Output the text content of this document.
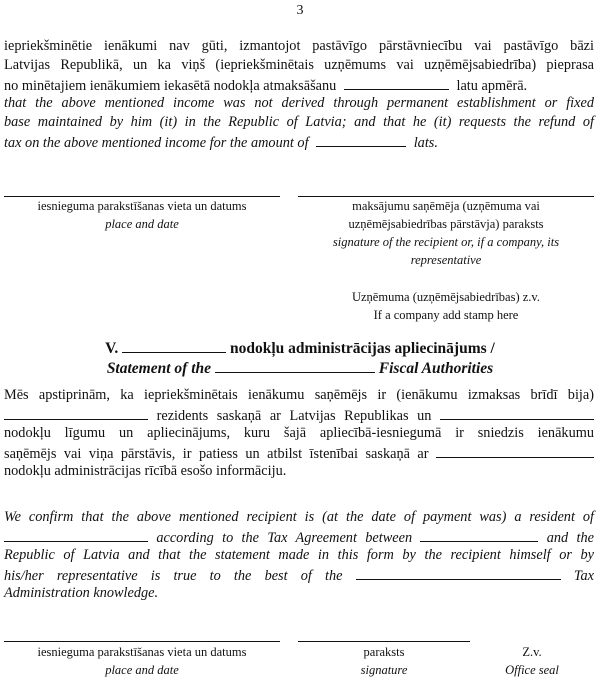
3
iepriekšminētie ienākumi nav gūti, izmantojot pastāvīgo pārstāvniecību vai pastāvīgo bāzi
Latvijas Republikā, un ka viņš (iepriekšminētais uzņēmums vai uzņēmējsabiedrība) pieprasa
no minētajiem ienākumiem iekasētā nodokļa atmaksāšanu	latu apmērā.
that the above mentioned income was not derived through permanent establishment or fixed
base maintained by him (it) in the Republic of Latvia; and that he (it) requests the refund of
tax on the above mentioned income for the amount of	lats.
iesnieguma parakstīšanas vieta un datums
place and date
maksājumu saņēmēja (uzņēmuma vai
uzņēmējsabiedrības pārstāvja) paraksts
signature of the recipient or, if a company, its
representative
Uzņēmuma (uzņēmējsabiedrības) z.v.
If a company add stamp here
V.	nodokļu administrācijas apliecinājums /
Statement of the	Fiscal Authorities
Mēs apstiprinām, ka iepriekšminētais ienākumu saņēmējs ir (ienākumu izmaksas brīdī bija)
rezidents saskaņā ar Latvijas Republikas un
nodokļu līgumu un apliecinājums, kuru šajā apliecībā-iesniegumā ir sniedzis ienākumu
saņēmējs vai viņa pārstāvis, ir patiess un atbilst īstenībai saskaņā ar
nodokļu administrācijas rīcībā esošo informāciju.
We confirm that the above mentioned recipient is (at the date of payment was) a resident of
according to the Tax Agreement between	and the
Republic of Latvia and that the statement made in this form by the recipient himself or by
his/her representative is true to the best of the	Tax
Administration knowledge.
iesnieguma parakstīšanas vieta un datums
place and date
paraksts
signature
Z.v.
Office seal
